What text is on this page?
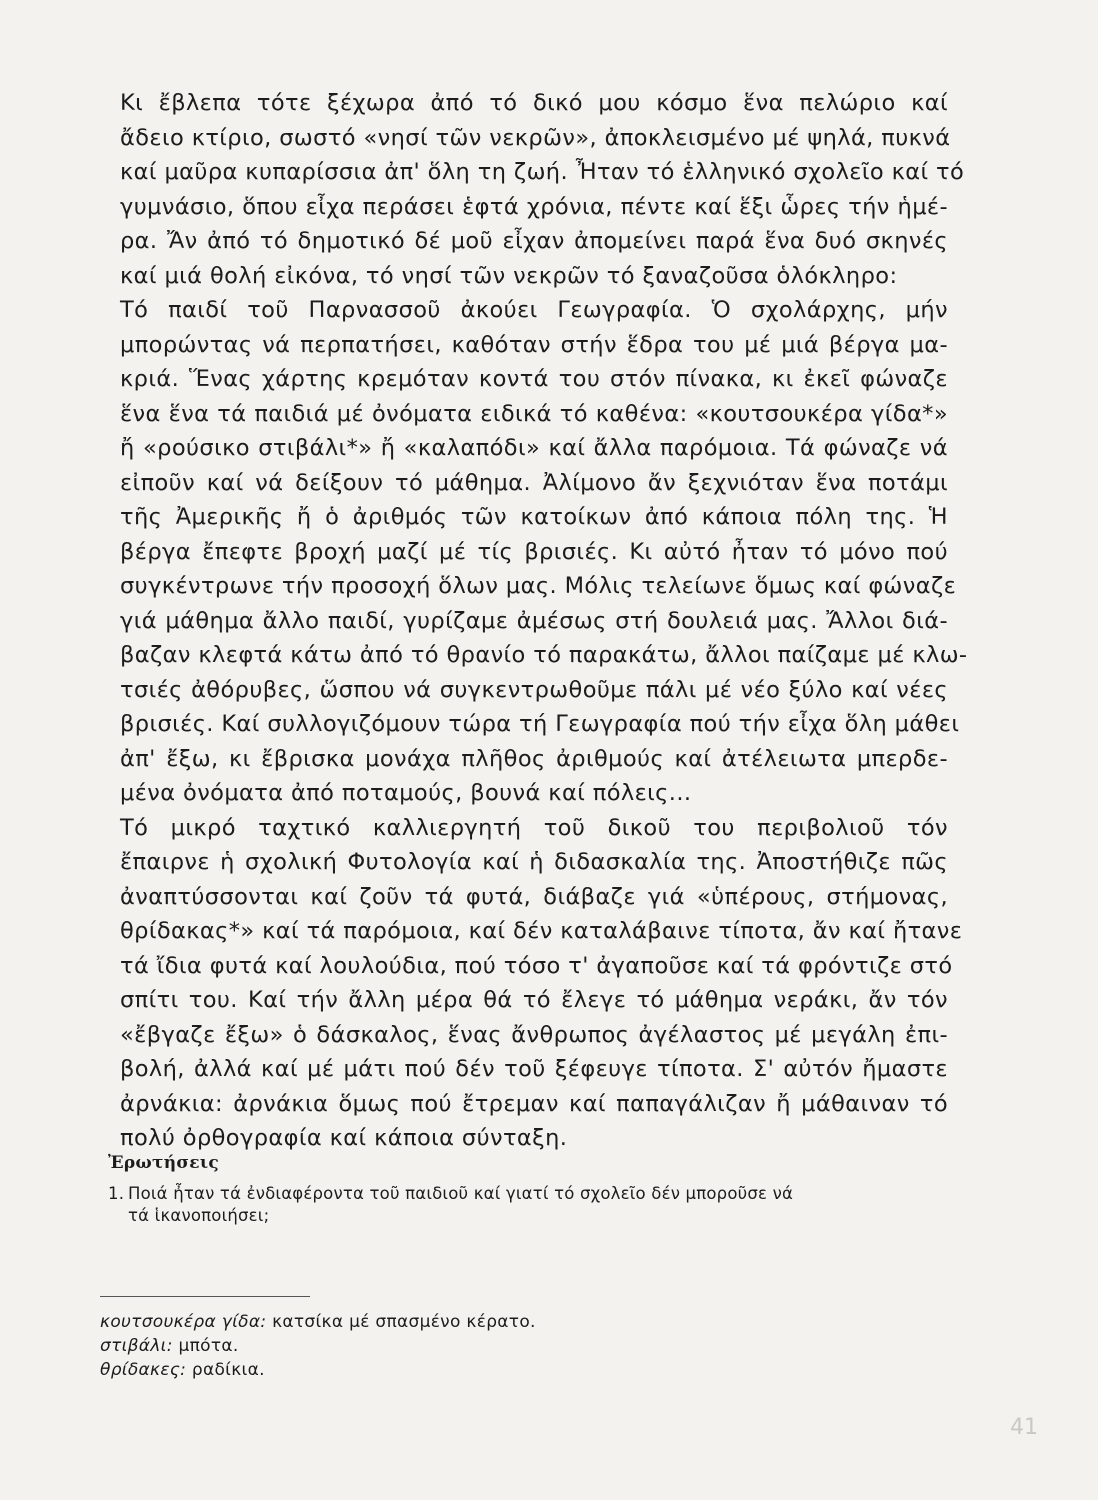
Κι ἔβλεπα τότε ξέχωρα ἀπό τό δικό μου κόσμο ἕνα πελώριο καί
ἄδειο κτίριο, σωστό «νησί τῶν νεκρῶν», ἀποκλεισμένο μέ ψηλά, πυκνά
καί μαῦρα κυπαρίσσια ἀπ' ὅλη τη ζωή. Ἦταν τό ἑλληνικό σχολεῖο καί τό
γυμνάσιο, ὅπου εἶχα περάσει ἑφτά χρόνια, πέντε καί ἕξι ὧρες τήν ἡμέ-
ρα. Ἄν ἀπό τό δημοτικό δέ μοῦ εἶχαν ἀπομείνει παρά ἕνα δυό σκηνές
καί μιά θολή εἰκόνα, τό νησί τῶν νεκρῶν τό ξαναζοῦσα ὁλόκληρο:
Τό παιδί τοῦ Παρνασσοῦ ἀκούει Γεωγραφία. Ὁ σχολάρχης, μήν
μπορώντας νά περπατήσει, καθόταν στήν ἕδρα του μέ μιά βέργα μα-
κριά. Ἕνας χάρτης κρεμόταν κοντά του στόν πίνακα, κι ἐκεῖ φώναζε
ἕνα ἕνα τά παιδιά μέ ὀνόματα ειδικά τό καθένα: «κουτσουκέρα γίδα*»
ἤ «ρούσικο στιβάλι*» ἤ «καλαπόδι» καί ἄλλα παρόμοια. Τά φώναζε νά
εἰποῦν καί νά δείξουν τό μάθημα. Ἀλίμονο ἄν ξεχνιόταν ἕνα ποτάμι
τῆς Ἀμερικῆς ἤ ὁ ἀριθμός τῶν κατοίκων ἀπό κάποια πόλη της. Ἡ
βέργα ἔπεφτε βροχή μαζί μέ τίς βρισιές. Κι αὐτό ἦταν τό μόνο πού
συγκέντρωνε τήν προσοχή ὅλων μας. Μόλις τελείωνε ὅμως καί φώναζε
γιά μάθημα ἄλλο παιδί, γυρίζαμε ἀμέσως στή δουλειά μας. Ἄλλοι διά-
βαζαν κλεφτά κάτω ἀπό τό θρανίο τό παρακάτω, ἄλλοι παίζαμε μέ κλω-
τσιές ἀθόρυβες, ὥσπου νά συγκεντρωθοῦμε πάλι μέ νέο ξύλο καί νέες
βρισιές. Καί συλλογιζόμουν τώρα τή Γεωγραφία πού τήν εἶχα ὅλη μάθει
ἀπ' ἔξω, κι ἔβρισκα μονάχα πλῆθος ἀριθμούς καί ἀτέλειωτα μπερδε-
μένα ὀνόματα ἀπό ποταμούς, βουνά καί πόλεις...
Τό μικρό ταχτικό καλλιεργητή τοῦ δικοῦ του περιβολιοῦ τόν
ἔπαιρνε ἡ σχολική Φυτολογία καί ἡ διδασκαλία της. Ἀποστήθιζε πῶς
ἀναπτύσσονται καί ζοῦν τά φυτά, διάβαζε γιά «ὑπέρους, στήμονας,
θρίδακας*» καί τά παρόμοια, καί δέν καταλάβαινε τίποτα, ἄν καί ἤτανε
τά ἴδια φυτά καί λουλούδια, πού τόσο τ' ἀγαποῦσε καί τά φρόντιζε στό
σπίτι του. Καί τήν ἄλλη μέρα θά τό ἔλεγε τό μάθημα νεράκι, ἄν τόν
«ἔβγαζε ἔξω» ὁ δάσκαλος, ἕνας ἄνθρωπος ἀγέλαστος μέ μεγάλη ἐπι-
βολή, ἀλλά καί μέ μάτι πού δέν τοῦ ξέφευγε τίποτα. Σ' αὐτόν ἤμαστε
ἀρνάκια: ἀρνάκια ὅμως πού ἔτρεμαν καί παπαγάλιζαν ἤ μάθαιναν τό
πολύ ὀρθογραφία καί κάποια σύνταξη.
Ἐρωτήσεις
1. Ποιά ἦταν τά ἐνδιαφέροντα τοῦ παιδιοῦ καί γιατί τό σχολεῖο δέν μποροῦσε νά
τά ἱκανοποιήσει;
κουτσουκέρα γίδα: κατσίκα μέ σπασμένο κέρατο.
στιβάλι: μπότα.
θρίδακες: ραδίκια.
41
